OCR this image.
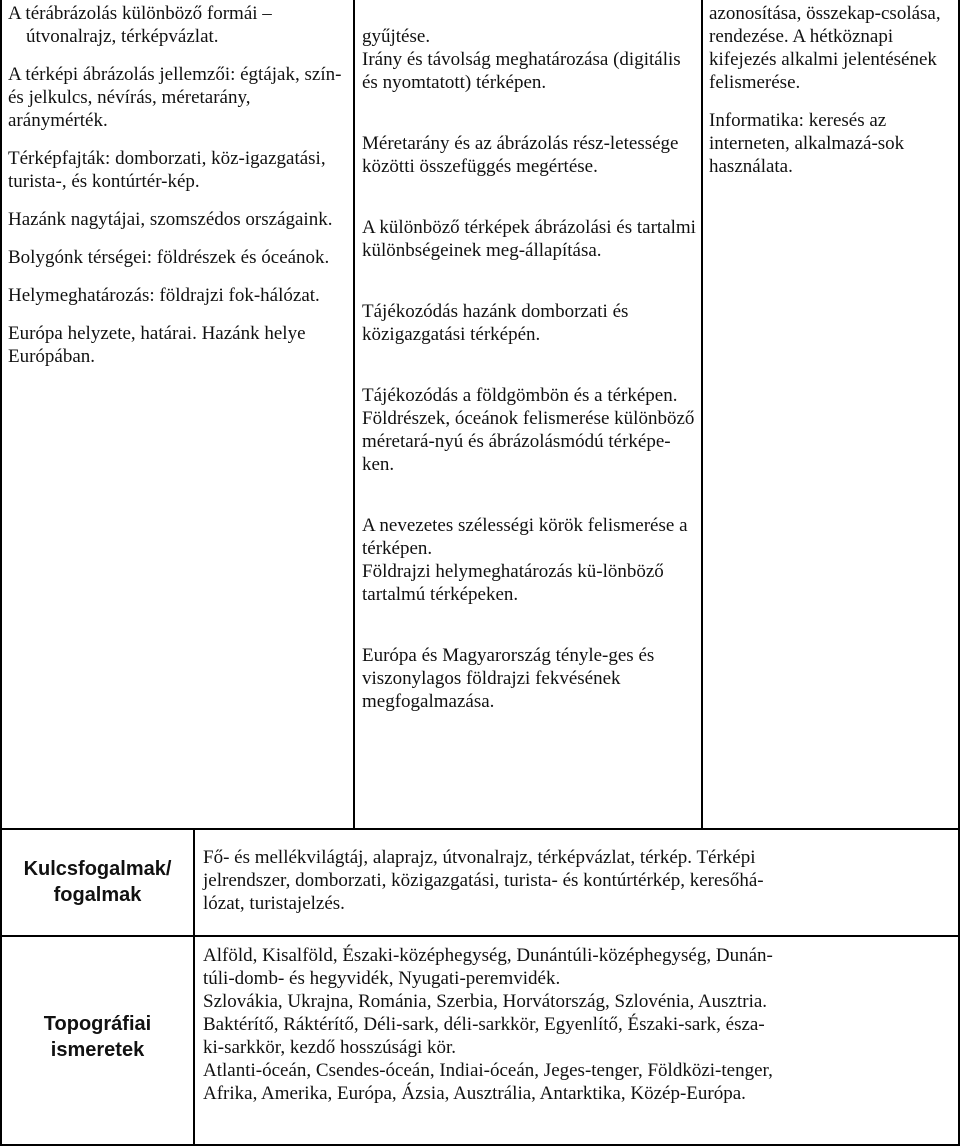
A térábrázolás különböző formái – útvonalrajz, térképvázlat.

A térképi ábrázolás jellemzői: égtájak, szín- és jelkulcs, névírás, méretarány, aránymérték.

Térképfajták: domborzati, köz-igazgatási, turista-, és kontúrtér-kép.

Hazánk nagytájai, szomszédos országaink.

Bolygónk térségei: földrészek és óceánok.

Helymeghatározás: földrajzi fok-hálózat.

Európa helyzete, határai. Hazánk helye Európában.

gyűjtése.
Irány és távolság meghatározása (digitális és nyomtatott) térképen.

Méretarány és az ábrázolás rész-letessége közötti összefüggés megértése.

A különböző térképek ábrázolási és tartalmi különbségeinek meg-állapítása.

Tájékozódás hazánk domborzati és közigazgatási térképén.

Tájékozódás a földgömbön és a térképen. Földrészek, óceánok felismerése különböző méretará-nyú és ábrázolásmódú térképe-ken.

A nevezetes szélességi körök felismerése a térképen.
Földrajzi helymeghatározás kü-lönböző tartalmú térképeken.

Európa és Magyarország tényle-ges és viszonylagos földrajzi fekvésének megfogalmazása.

azonosítása, összekap-csolása, rendezése. A hétköznapi kifejezés alkalmi jelentésének felismerése.

Informatika: keresés az interneten, alkalmazá-sok használata.

Kulcsfogalmak/
fogalmak
Fő- és mellékvilágtáj, alaprajz, útvonalrajz, térképvázlat, térkép. Térképi
jelrendszer, domborzati, közigazgatási, turista- és kontúrtérkép, keresőhá-
lózat, turistajelzés.
Topográfiai
ismeretek
Alföld, Kisalföld, Északi-középhegység, Dunántúli-középhegység, Dunán-
túli-domb- és hegyvidék, Nyugati-peremvidék.
Szlovákia, Ukrajna, Románia, Szerbia, Horvátország, Szlovénia, Ausztria.
Baktérítő, Ráktérítő, Déli-sark, déli-sarkkör, Egyenlítő, Északi-sark, észa-
ki-sarkkör, kezdő hosszúsági kör.
Atlanti-óceán, Csendes-óceán, Indiai-óceán, Jeges-tenger, Földközi-tenger,
Afrika, Amerika, Európa, Ázsia, Ausztrália, Antarktika, Közép-Európa.
